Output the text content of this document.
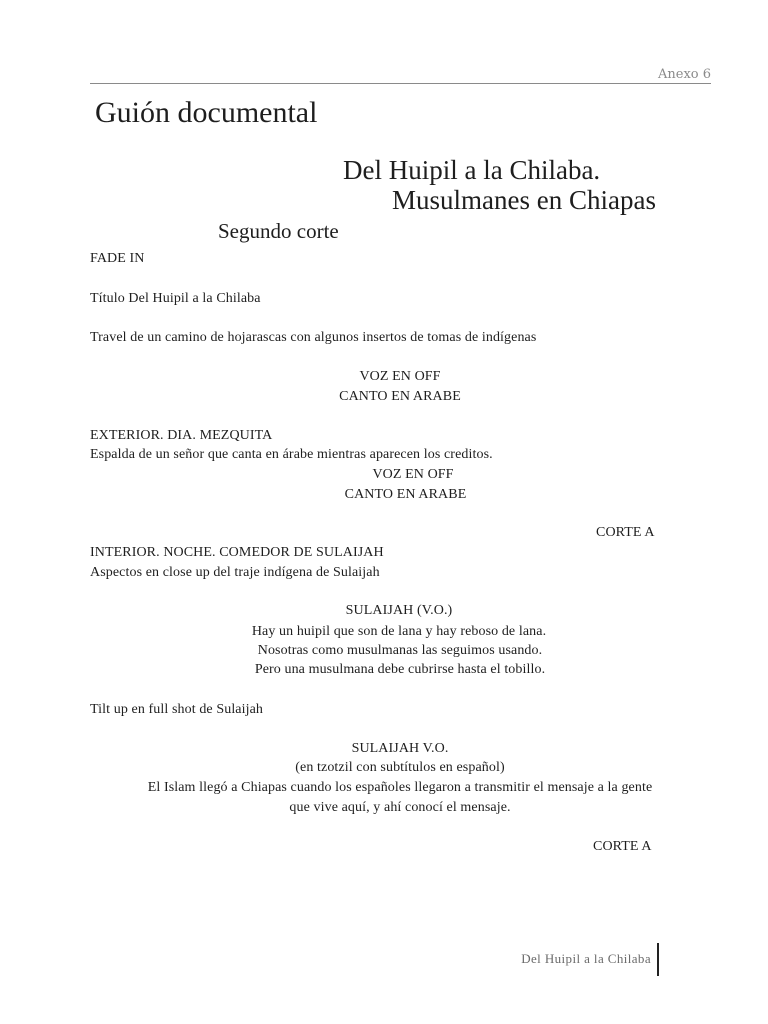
Anexo 6
Guión documental
Del Huipil a la Chilaba.
Musulmanes en Chiapas
Segundo corte
FADE IN
Título Del Huipil a la Chilaba
Travel de un camino de hojarascas con algunos insertos de tomas de indígenas
VOZ EN OFF
CANTO EN ARABE
EXTERIOR. DIA. MEZQUITA
Espalda de un señor que canta en árabe mientras aparecen los creditos.
VOZ EN OFF
CANTO EN ARABE
CORTE A
INTERIOR. NOCHE. COMEDOR DE SULAIJAH
Aspectos en close up del traje indígena de Sulaijah
SULAIJAH (V.O.)
Hay un huipil que son de lana y hay reboso de lana.
Nosotras como musulmanas las seguimos usando.
Pero una musulmana debe cubrirse hasta el tobillo.
Tilt up en full shot de Sulaijah
SULAIJAH V.O.
(en tzotzil con subtítulos en español)
El Islam llegó a Chiapas cuando los españoles llegaron a transmitir el mensaje a la gente
que vive aquí, y ahí conocí el mensaje.
CORTE A
Del Huipil a la Chilaba
